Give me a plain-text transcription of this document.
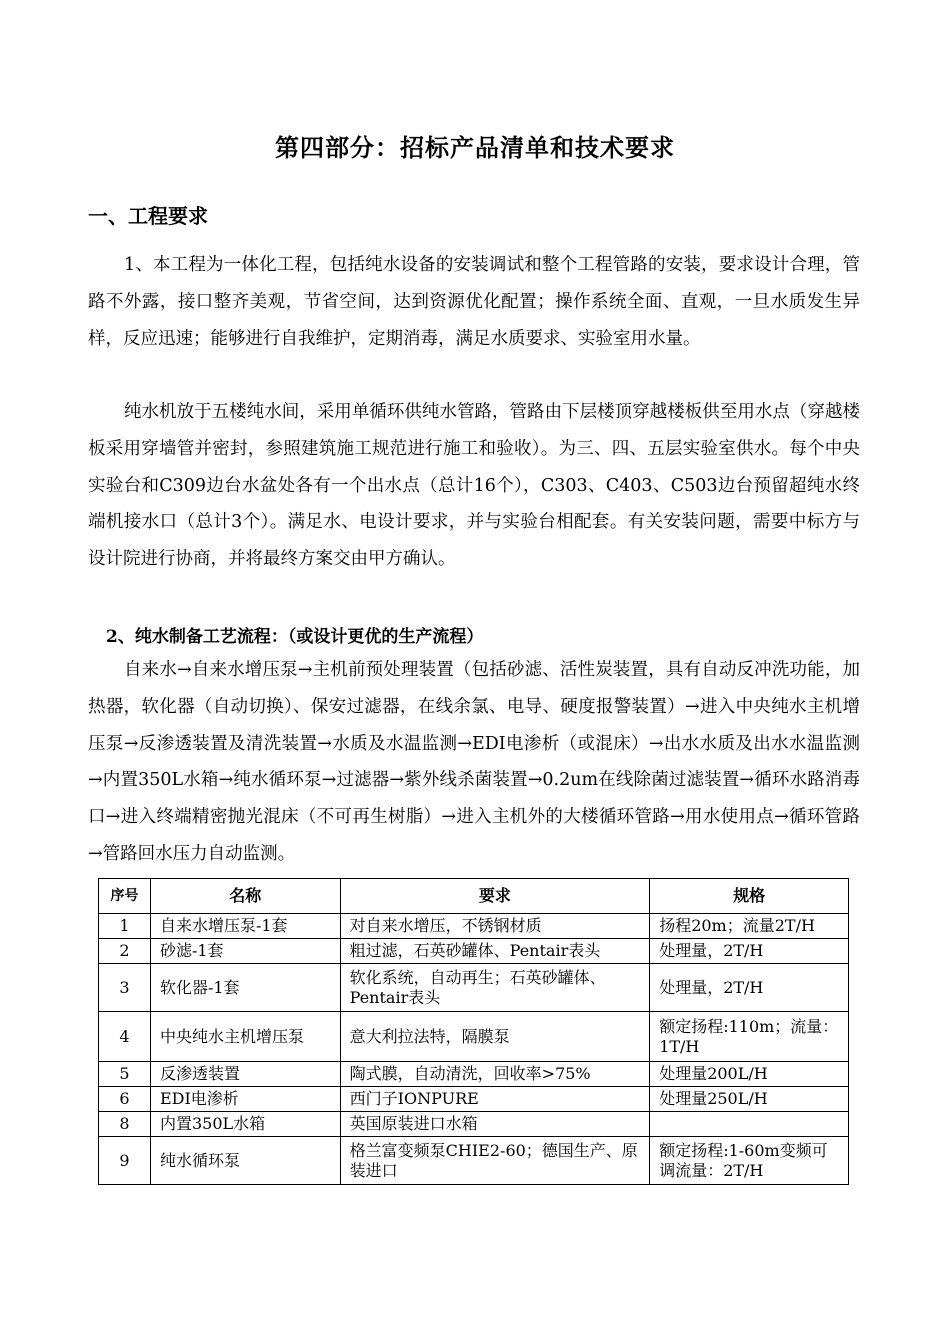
第四部分：招标产品清单和技术要求
一、工程要求
1、本工程为一体化工程，包括纯水设备的安装调试和整个工程管路的安装，要求设计合理，管路不外露，接口整齐美观，节省空间，达到资源优化配置；操作系统全面、直观，一旦水质发生异样，反应迅速；能够进行自我维护，定期消毒，满足水质要求、实验室用水量。
纯水机放于五楼纯水间，采用单循环供纯水管路，管路由下层楼顶穿越楼板供至用水点（穿越楼板采用穿墙管并密封，参照建筑施工规范进行施工和验收）。为三、四、五层实验室供水。每个中央实验台和C309边台水盆处各有一个出水点（总计16个），C303、C403、C503边台预留超纯水终端机接水口（总计3个）。满足水、电设计要求，并与实验台相配套。有关安装问题，需要中标方与设计院进行协商，并将最终方案交由甲方确认。
2、纯水制备工艺流程：（或设计更优的生产流程）
自来水→自来水增压泵→主机前预处理装置（包括砂滤、活性炭装置，具有自动反冲洗功能，加热器，软化器（自动切换）、保安过滤器，在线余氯、电导、硬度报警装置）→进入中央纯水主机增压泵→反渗透装置及清洗装置→水质及水温监测→EDI电渗析（或混床）→出水水质及出水水温监测→内置350L水箱→纯水循环泵→过滤器→紫外线杀菌装置→0.2um在线除菌过滤装置→循环水路消毒口→进入终端精密抛光混床（不可再生树脂）→进入主机外的大楼循环管路→用水使用点→循环管路→管路回水压力自动监测。
序号	名称	要求	规格
1	自来水增压泵-1套	对自来水增压，不锈钢材质	扬程20m；流量2T/H
2	砂滤-1套	粗过滤，石英砂罐体、Pentair表头	处理量，2T/H
3	软化器-1套	软化系统，自动再生；石英砂罐体、Pentair表头	处理量，2T/H
4	中央纯水主机增压泵	意大利拉法特，隔膜泵	额定扬程:110m；流量：1T/H
5	反渗透装置	陶式膜，自动清洗，回收率>75%	处理量200L/H
6	EDI电渗析	西门子IONPURE	处理量250L/H
8	内置350L水箱	英国原装进口水箱	
9	纯水循环泵	格兰富变频泵CHIE2-60；德国生产、原装进口	额定扬程:1-60m变频可调流量：2T/H
